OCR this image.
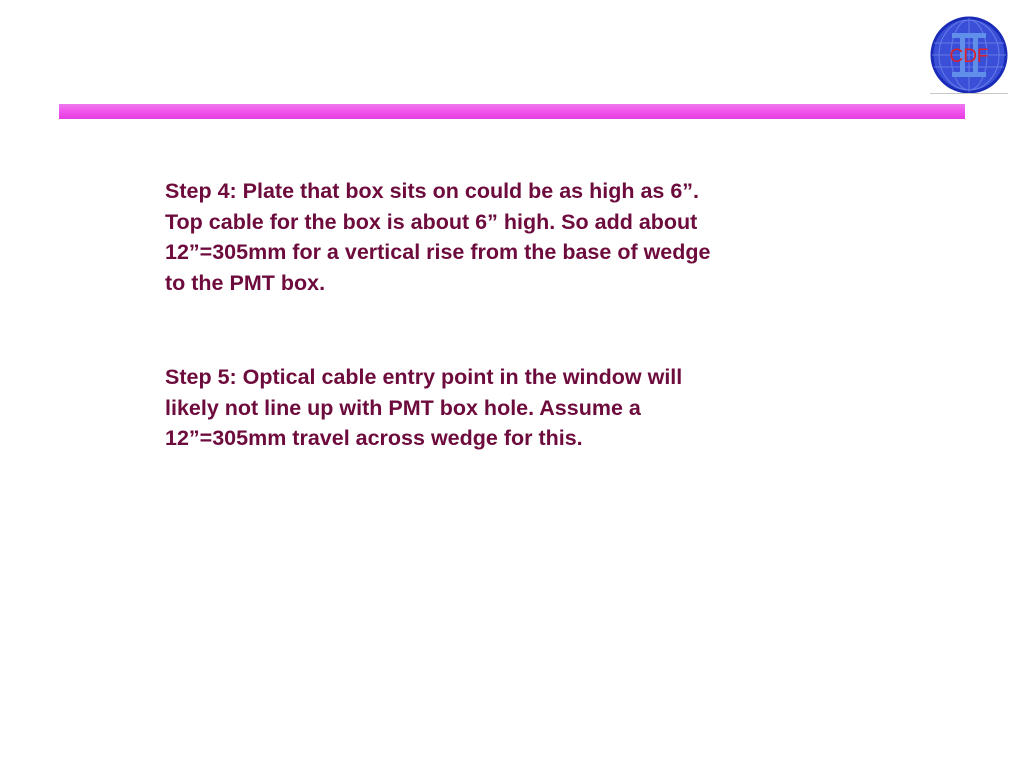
CDF

Step 4: Plate that box sits on could be as high as 6”.
Top cable for the box is about 6” high. So add about
12”=305mm for a vertical rise from the base of wedge
to the PMT box.

Step 5: Optical cable entry point in the window will
likely not line up with PMT box hole. Assume a
12”=305mm travel across wedge for this.
